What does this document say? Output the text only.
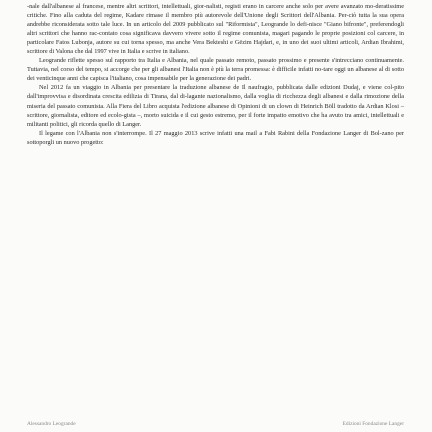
-nale dall'albanese al francese, mentre altri scrittori, intellettuali, gior-nalisti, registi erano in carcere anche solo per avere avanzato mo-deratissime critiche. Fino alla caduta del regime, Kadare rimase il membro più autorevole dell'Unione degli Scrittori dell'Albania. Per-ciò tutta la sua opera andrebbe riconsiderata sotto tale luce. In un articolo del 2009 pubblicato sul "Riformista", Leogrande lo defi-nisce "Giano bifronte", preferendogli altri scrittori che hanno rac-contato cosa significava davvero vivere sotto il regime comunista, magari pagando le proprie posizioni col carcere, in particolare Fatos Lubonja, autore su cui torna spesso, ma anche Vera Bekteshi e Gëzim Hajdari, e, in uno dei suoi ultimi articoli, Ardian Ibrahimi, scrittore di Valona che dal 1997 vive in Italia e scrive in italiano.

Leogrande riflette spesso sul rapporto tra Italia e Albania, nel quale passato remoto, passato prossimo e presente s'intrecciano continuamente. Tuttavia, nel corso del tempo, si accorge che per gli albanesi l'Italia non è più la terra promessa: è difficile infatti no-tare oggi un albanese al di sotto dei venticinque anni che capisca l'italiano, cosa impensabile per la generazione dei padri.

Nel 2012 fa un viaggio in Albania per presentare la traduzione albanese de Il naufragio, pubblicata dalle edizioni Dudaj, e viene col-pito dall'improvvisa e disordinata crescita edilizia di Tirana, dal di-lagante nazionalismo, dalla voglia di ricchezza degli albanesi e dalla rimozione della miseria del passato comunista. Alla Fiera del Libro acquista l'edizione albanese di Opinioni di un clown di Heinrich Böll tradotto da Ardian Klosi – scrittore, giornalista, editore ed ecolo-gista –, morto suicida e il cui gesto estremo, per il forte impatto emotivo che ha avuto tra amici, intellettuali e militanti politici, gli ricorda quello di Langer.

Il legame con l'Albania non s'interrompe. Il 27 maggio 2013 scrive infatti una mail a Fabi Rabini della Fondazione Langer di Bol-zano per sottoporgli un nuovo progetto:

Alessandro Leogrande	Edizioni Fondazione Langer
